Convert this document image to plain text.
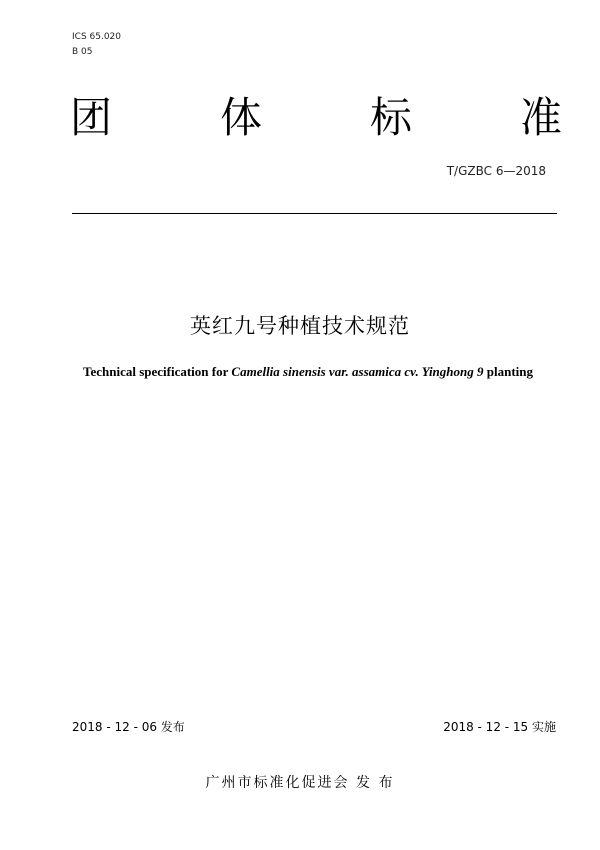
ICS 65.020
B 05
团	体	标	准
T/GZBC 6—2018
英红九号种植技术规范
Technical specification for Camellia sinensis var. assamica cv. Yinghong 9 planting
2018 - 12 - 06 发布	2018 - 12 - 15 实施
广州市标准化促进会 发 布
